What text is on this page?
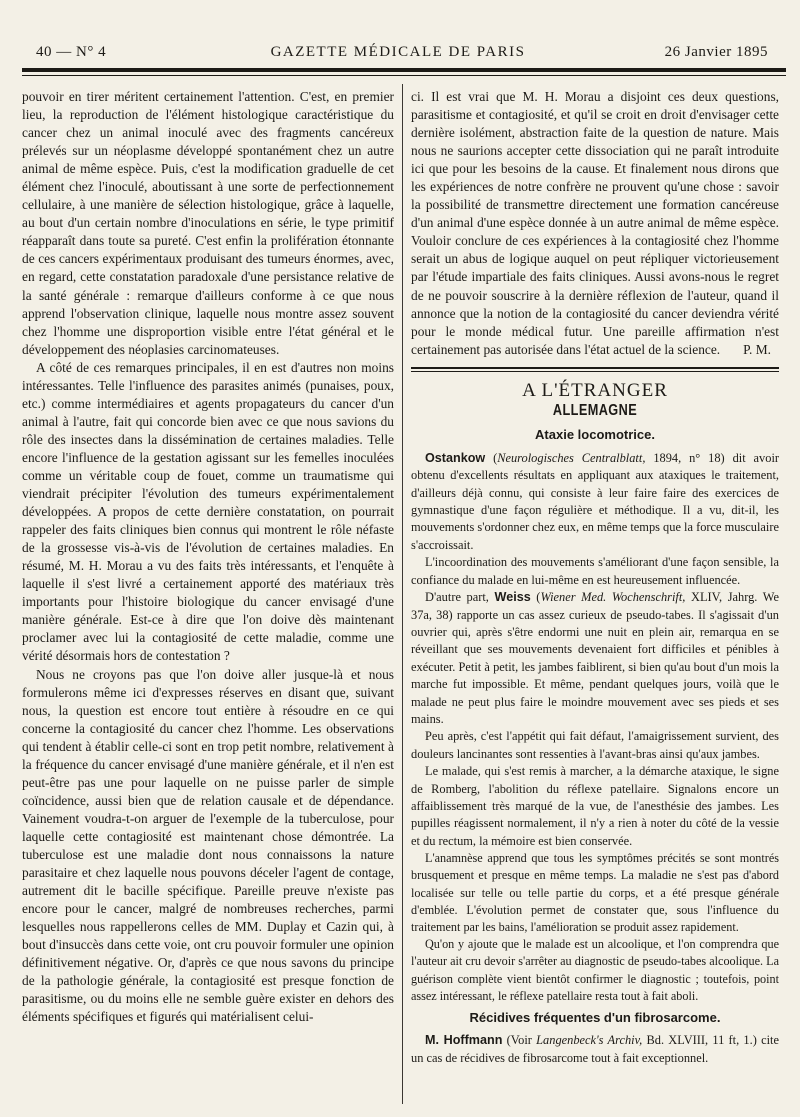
40 — N° 4	GAZETTE MÉDICALE DE PARIS	26 Janvier 1895

pouvoir en tirer méritent certainement l'attention. C'est, en premier lieu, la reproduction de l'élément histologique caractéristique du cancer chez un animal inoculé avec des fragments cancéreux prélevés sur un néoplasme développé spontanément chez un autre animal de même espèce. Puis, c'est la modification graduelle de cet élément chez l'inoculé, aboutissant à une sorte de perfectionnement cellulaire, à une manière de sélection histologique, grâce à laquelle, au bout d'un certain nombre d'inoculations en série, le type primitif réapparaît dans toute sa pureté. C'est enfin la prolifération étonnante de ces cancers expérimentaux produisant des tumeurs énormes, avec, en regard, cette constatation paradoxale d'une persistance relative de la santé générale : remarque d'ailleurs conforme à ce que nous apprend l'observation clinique, laquelle nous montre assez souvent chez l'homme une disproportion visible entre l'état général et le développement des néoplasies carcinomateuses.

A côté de ces remarques principales, il en est d'autres non moins intéressantes. Telle l'influence des parasites animés (punaises, poux, etc.) comme intermédiaires et agents propagateurs du cancer d'un animal à l'autre, fait qui concorde bien avec ce que nous savions du rôle des insectes dans la dissémination de certaines maladies. Telle encore l'influence de la gestation agissant sur les femelles inoculées comme un véritable coup de fouet, comme un traumatisme qui viendrait précipiter l'évolution des tumeurs expérimentalement développées. A propos de cette dernière constatation, on pourrait rappeler des faits cliniques bien connus qui montrent le rôle néfaste de la grossesse vis-à-vis de l'évolution de certaines maladies. En résumé, M. H. Morau a vu des faits très intéressants, et l'enquête à laquelle il s'est livré a certainement apporté des matériaux très importants pour l'histoire biologique du cancer envisagé d'une manière générale. Est-ce à dire que l'on doive dès maintenant proclamer avec lui la contagiosité de cette maladie, comme une vérité désormais hors de contestation ?

Nous ne croyons pas que l'on doive aller jusque-là et nous formulerons même ici d'expresses réserves en disant que, suivant nous, la question est encore tout entière à résoudre en ce qui concerne la contagiosité du cancer chez l'homme. Les observations qui tendent à établir celle-ci sont en trop petit nombre, relativement à la fréquence du cancer envisagé d'une manière générale, et il n'en est peut-être pas une pour laquelle on ne puisse parler de simple coïncidence, aussi bien que de relation causale et de dépendance. Vainement voudra-t-on arguer de l'exemple de la tuberculose, pour laquelle cette contagiosité est maintenant chose démontrée. La tuberculose est une maladie dont nous connaissons la nature parasitaire et chez laquelle nous pouvons déceler l'agent de contage, autrement dit le bacille spécifique. Pareille preuve n'existe pas encore pour le cancer, malgré de nombreuses recherches, parmi lesquelles nous rappellerons celles de MM. Duplay et Cazin qui, à bout d'insuccès dans cette voie, ont cru pouvoir formuler une opinion définitivement négative. Or, d'après ce que nous savons du principe de la pathologie générale, la contagiosité est presque fonction de parasitisme, ou du moins elle ne semble guère exister en dehors des éléments spécifiques et figurés qui matérialisent celui-

ci. Il est vrai que M. H. Morau a disjoint ces deux questions, parasitisme et contagiosité, et qu'il se croit en droit d'envisager cette dernière isolément, abstraction faite de la question de nature. Mais nous ne saurions accepter cette dissociation qui ne paraît introduite ici que pour les besoins de la cause. Et finalement nous dirons que les expériences de notre confrère ne prouvent qu'une chose : savoir la possibilité de transmettre directement une formation cancéreuse d'un animal d'une espèce donnée à un autre animal de même espèce. Vouloir conclure de ces expériences à la contagiosité chez l'homme serait un abus de logique auquel on peut répliquer victorieusement par l'étude impartiale des faits cliniques. Aussi avons-nous le regret de ne pouvoir souscrire à la dernière réflexion de l'auteur, quand il annonce que la notion de la contagiosité du cancer deviendra vérité pour le monde médical futur. Une pareille affirmation n'est certainement pas autorisée dans l'état actuel de la science. P. M.

A L'ÉTRANGER
ALLEMAGNE
Ataxie locomotrice.

Ostankow (Neurologisches Centralblatt, 1894, n° 18) dit avoir obtenu d'excellents résultats en appliquant aux ataxiques le traitement, d'ailleurs déjà connu, qui consiste à leur faire faire des exercices de gymnastique d'une façon régulière et méthodique. Il a vu, dit-il, les mouvements s'ordonner chez eux, en même temps que la force musculaire s'accroissait.

L'incoordination des mouvements s'améliorant d'une façon sensible, la confiance du malade en lui-même en est heureusement influencée.

D'autre part, Weiss (Wiener Med. Wochenschrift, XLIV, Jahrg. We 37a, 38) rapporte un cas assez curieux de pseudo-tabes. Il s'agissait d'un ouvrier qui, après s'être endormi une nuit en plein air, remarqua en se réveillant que ses mouvements devenaient fort difficiles et pénibles à exécuter. Petit à petit, les jambes faiblirent, si bien qu'au bout d'un mois la marche fut impossible. Et même, pendant quelques jours, voilà que le malade ne peut plus faire le moindre mouvement avec ses pieds et ses mains.

Peu après, c'est l'appétit qui fait défaut, l'amaigrissement survient, des douleurs lancinantes sont ressenties à l'avant-bras ainsi qu'aux jambes.

Le malade, qui s'est remis à marcher, a la démarche ataxique, le signe de Romberg, l'abolition du réflexe patellaire. Signalons encore un affaiblissement très marqué de la vue, de l'anesthésie des jambes. Les pupilles réagissent normalement, il n'y a rien à noter du côté de la vessie et du rectum, la mémoire est bien conservée.

L'anamnèse apprend que tous les symptômes précités se sont montrés brusquement et presque en même temps. La maladie ne s'est pas d'abord localisée sur telle ou telle partie du corps, et a été presque générale d'emblée. L'évolution permet de constater que, sous l'influence du traitement par les bains, l'amélioration se produit assez rapidement.

Qu'on y ajoute que le malade est un alcoolique, et l'on comprendra que l'auteur ait cru devoir s'arrêter au diagnostic de pseudo-tabes alcoolique. La guérison complète vient bientôt confirmer le diagnostic ; toutefois, point assez intéressant, le réflexe patellaire resta tout à fait aboli.

Récidives fréquentes d'un fibrosarcome.

M. Hoffmann (Voir Langenbeck's Archiv, Bd. XLVIII, 11 ft, 1.) cite un cas de récidives de fibrosarcome tout à fait exceptionnel.
